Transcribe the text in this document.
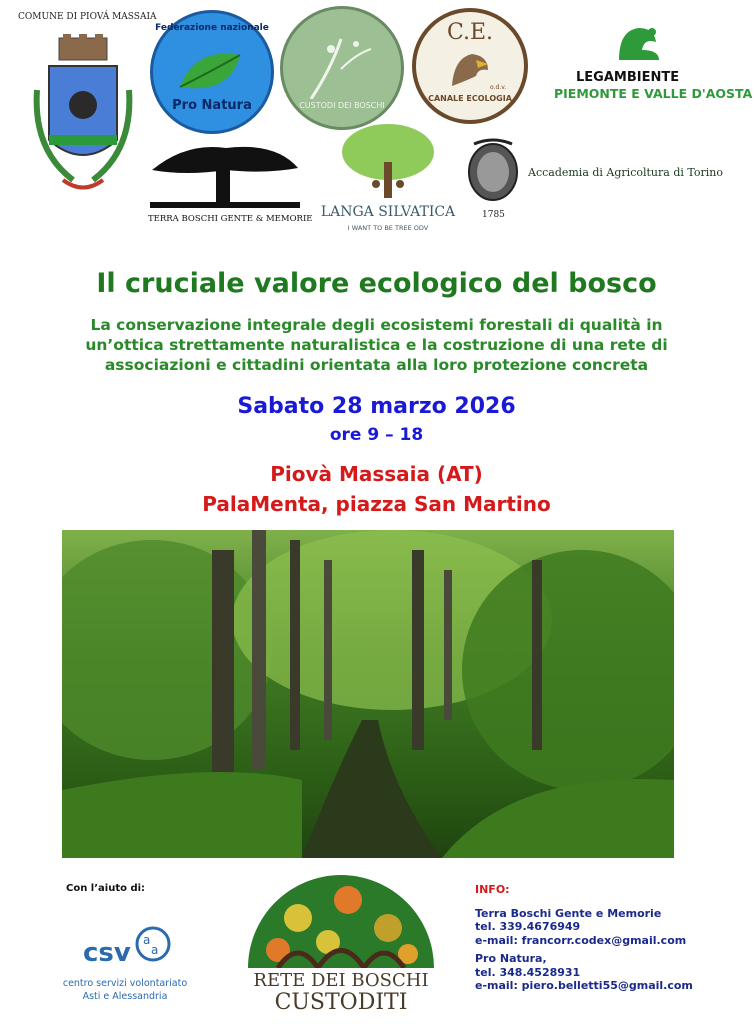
COMUNE DI PIOVÁ MASSAIA
Federazione nazionale
Pro Natura	CUSTODI DEI BOSCHI
C.E.
CANALE ECOLOGIA
o.d.v.
LEGAMBIENTE
PIEMONTE E VALLE D'AOSTA
TERRA BOSCHI GENTE & MEMORIE LANGA SILVATICA
I WANT TO BE TREE ODV
1785
Accademia di Agricoltura di Torino
Il cruciale valore ecologico del bosco
La conservazione integrale degli ecosistemi forestali di qualità in
un’ottica strettamente naturalistica e la costruzione di una rete di
associazioni e cittadini orientata alla loro protezione concreta
Sabato 28 marzo 2026
ore 9 – 18
Piovà Massaia (AT)
PalaMenta, piazza San Martino
Con l’aiuto di:
csv a
a
centro servizi volontariato
Asti e Alessandria
RETE DEI BOSCHI
CUSTODITI
INFO:
Terra Boschi Gente e Memorie
tel. 339.4676949
e-mail: francorr.codex@gmail.com
Pro Natura,
tel. 348.4528931
e-mail: piero.belletti55@gmail.com
